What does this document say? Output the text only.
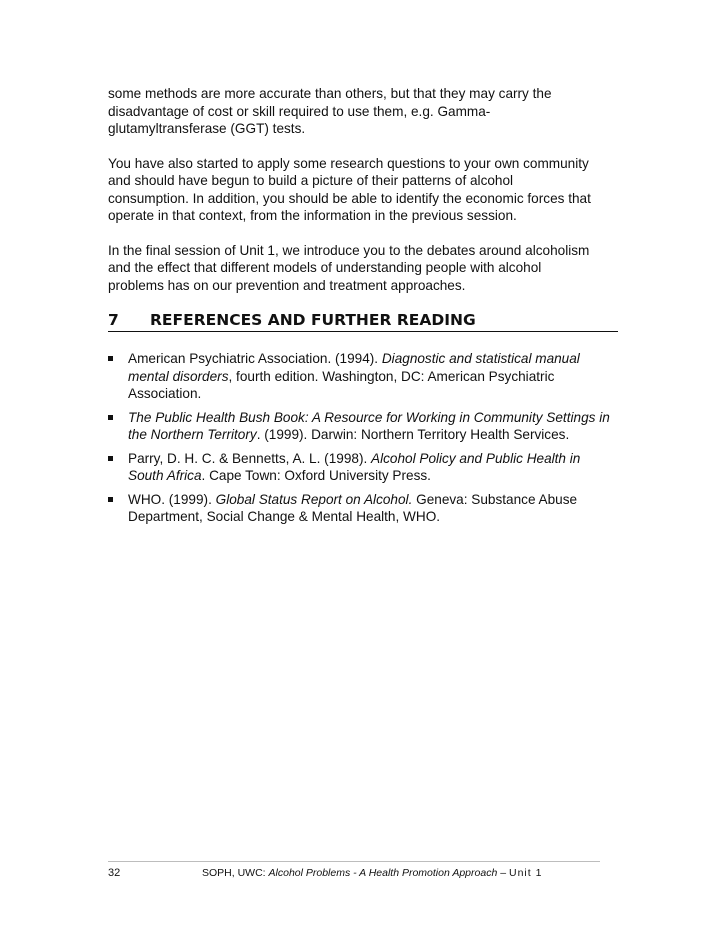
some methods are more accurate than others, but that they may carry the
disadvantage of cost or skill required to use them, e.g. Gamma-
glutamyltransferase (GGT) tests.

You have also started to apply some research questions to your own community
and should have begun to build a picture of their patterns of alcohol
consumption. In addition, you should be able to identify the economic forces that
operate in that context, from the information in the previous session.

In the final session of Unit 1, we introduce you to the debates around alcoholism
and the effect that different models of understanding people with alcohol
problems has on our prevention and treatment approaches.

7	REFERENCES AND FURTHER READING
American Psychiatric Association. (1994). Diagnostic and statistical manual mental disorders, fourth edition. Washington, DC: American Psychiatric Association.
The Public Health Bush Book: A Resource for Working in Community Settings in the Northern Territory. (1999). Darwin: Northern Territory Health Services.
Parry, D. H. C. & Bennetts, A. L. (1998). Alcohol Policy and Public Health in South Africa. Cape Town: Oxford University Press.
WHO. (1999). Global Status Report on Alcohol. Geneva: Substance Abuse Department, Social Change & Mental Health, WHO.
32	SOPH, UWC: Alcohol Problems - A Health Promotion Approach – Unit 1
